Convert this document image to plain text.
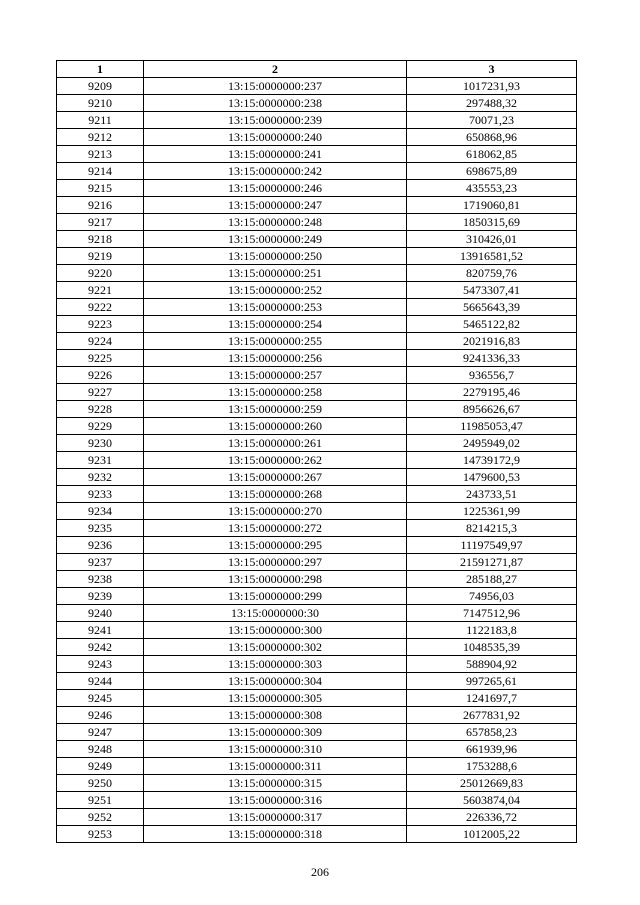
1	2	3
9209	13:15:0000000:237	1017231,93
9210	13:15:0000000:238	297488,32
9211	13:15:0000000:239	70071,23
9212	13:15:0000000:240	650868,96
9213	13:15:0000000:241	618062,85
9214	13:15:0000000:242	698675,89
9215	13:15:0000000:246	435553,23
9216	13:15:0000000:247	1719060,81
9217	13:15:0000000:248	1850315,69
9218	13:15:0000000:249	310426,01
9219	13:15:0000000:250	13916581,52
9220	13:15:0000000:251	820759,76
9221	13:15:0000000:252	5473307,41
9222	13:15:0000000:253	5665643,39
9223	13:15:0000000:254	5465122,82
9224	13:15:0000000:255	2021916,83
9225	13:15:0000000:256	9241336,33
9226	13:15:0000000:257	936556,7
9227	13:15:0000000:258	2279195,46
9228	13:15:0000000:259	8956626,67
9229	13:15:0000000:260	11985053,47
9230	13:15:0000000:261	2495949,02
9231	13:15:0000000:262	14739172,9
9232	13:15:0000000:267	1479600,53
9233	13:15:0000000:268	243733,51
9234	13:15:0000000:270	1225361,99
9235	13:15:0000000:272	8214215,3
9236	13:15:0000000:295	11197549,97
9237	13:15:0000000:297	21591271,87
9238	13:15:0000000:298	285188,27
9239	13:15:0000000:299	74956,03
9240	13:15:0000000:30	7147512,96
9241	13:15:0000000:300	1122183,8
9242	13:15:0000000:302	1048535,39
9243	13:15:0000000:303	588904,92
9244	13:15:0000000:304	997265,61
9245	13:15:0000000:305	1241697,7
9246	13:15:0000000:308	2677831,92
9247	13:15:0000000:309	657858,23
9248	13:15:0000000:310	661939,96
9249	13:15:0000000:311	1753288,6
9250	13:15:0000000:315	25012669,83
9251	13:15:0000000:316	5603874,04
9252	13:15:0000000:317	226336,72
9253	13:15:0000000:318	1012005,22
206
